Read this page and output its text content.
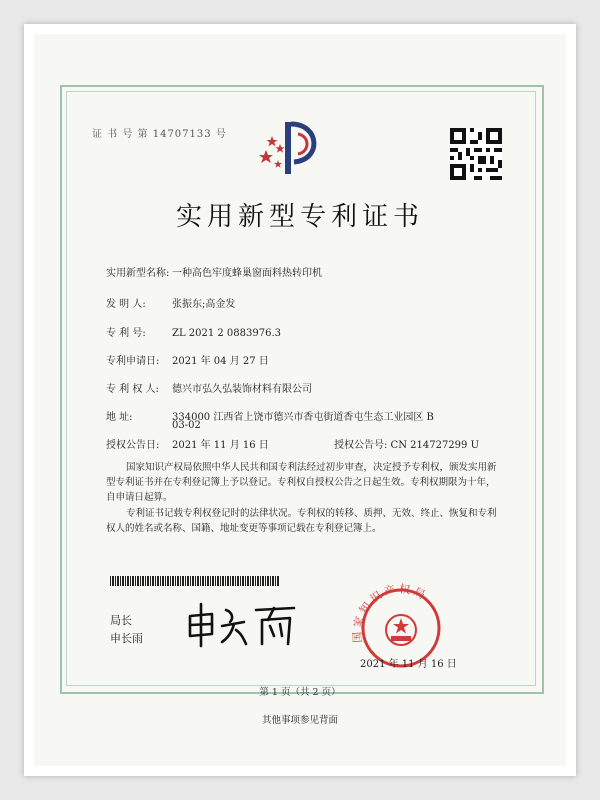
证 书 号 第 14707133 号
实用新型专利证书
实用新型名称: 一种高色牢度蜂巢窗面料热转印机
发 明 人:	张振东;高金发
专 利 号:	ZL 2021 2 0883976.3
专利申请日: 2021 年 04 月 27 日
专 利 权 人: 德兴市弘久弘装饰材料有限公司
地 址:	334000 江西省上饶市德兴市香屯街道香屯生态工业园区 B
03-02
授权公告日: 2021 年 11 月 16 日	授权公告号: CN 214727299 U
国家知识产权局依照中华人民共和国专利法经过初步审查，决定授予专利权，颁发实用新型专利证书并在专利登记簿上予以登记。专利权自授权公告之日起生效。专利权期限为十年，自申请日起算。
专利证书记载专利权登记时的法律状况。专利权的转移、质押、无效、终止、恢复和专利权人的姓名或名称、国籍、地址变更等事项记载在专利登记簿上。
局长
申长雨	国家知识产权局
2021 年 11 月 16 日
第 1 页（共 2 页）
其他事项参见背面
